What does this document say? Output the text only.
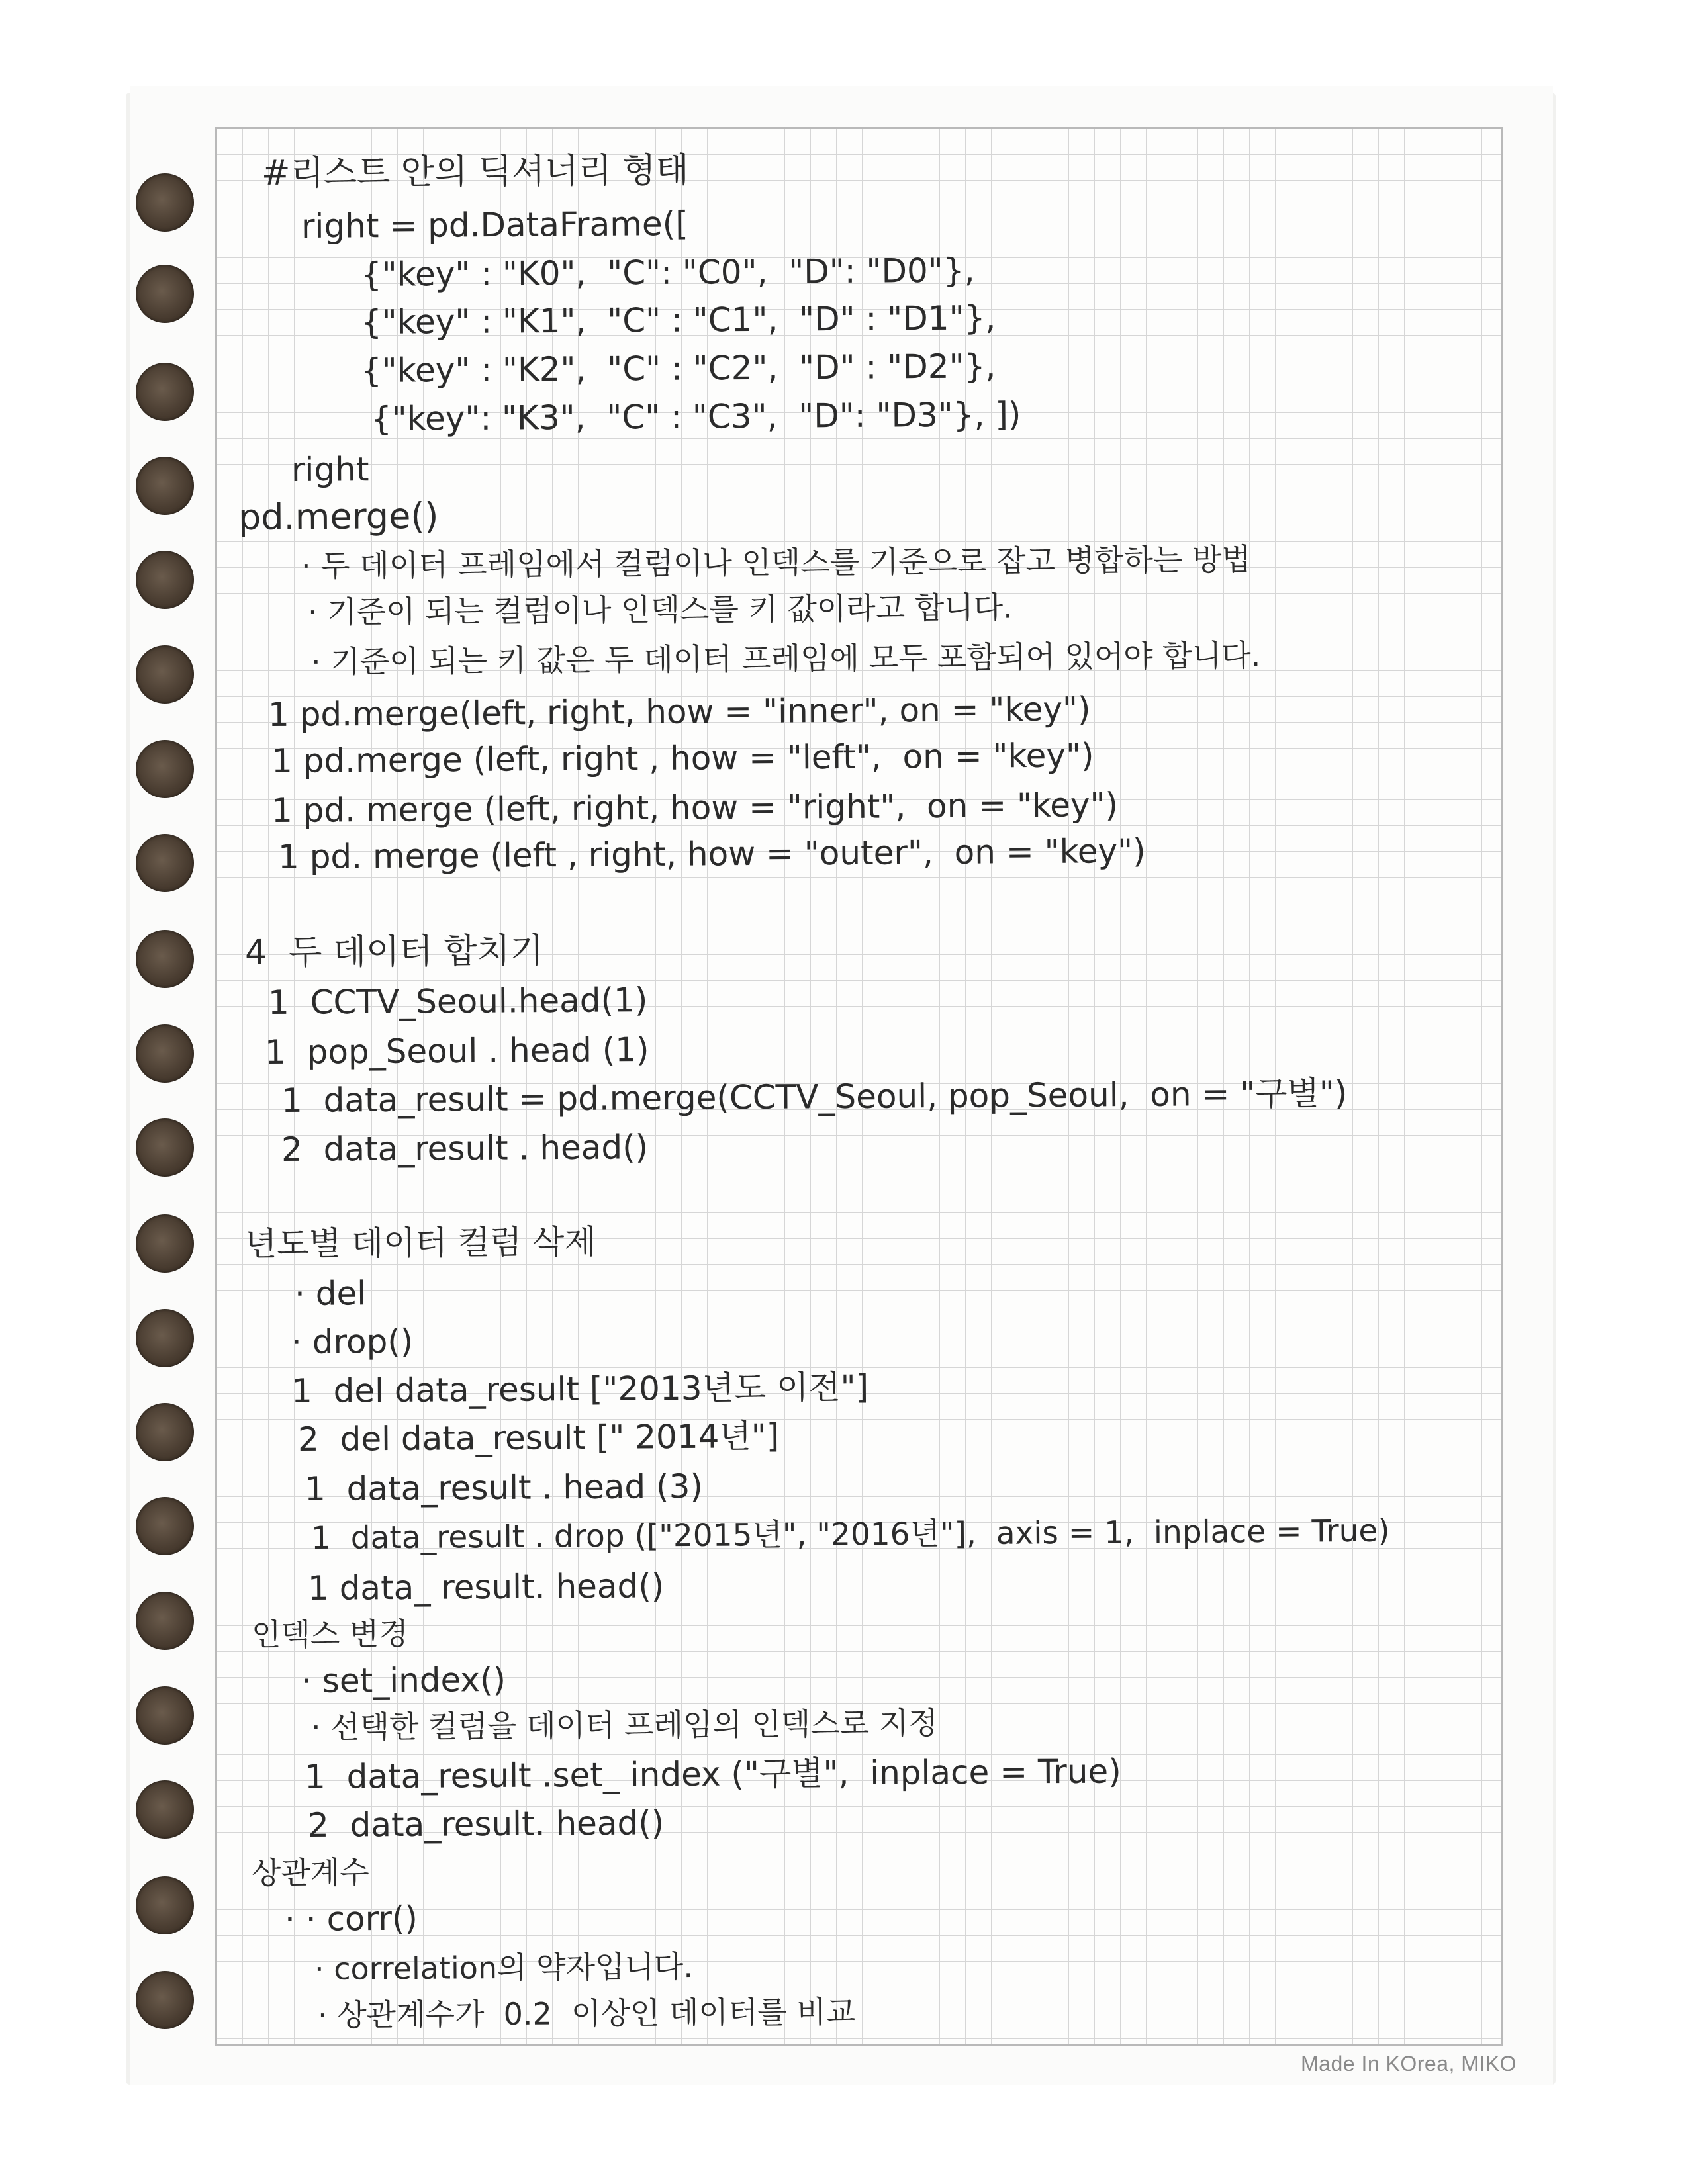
#리스트 안의 딕셔너리 형태
right = pd.DataFrame([
{"key" : "K0",  "C": "C0",  "D": "D0"},
{"key" : "K1",  "C" : "C1",  "D" : "D1"},
{"key" : "K2",  "C" : "C2",  "D" : "D2"},
{"key": "K3",  "C" : "C3",  "D": "D3"}, ])
right
pd.merge()
· 두 데이터 프레임에서 컬럼이나 인덱스를 기준으로 잡고 병합하는 방법
· 기준이 되는 컬럼이나 인덱스를 키 값이라고 합니다.
· 기준이 되는 키 값은 두 데이터 프레임에 모두 포함되어 있어야 합니다.
1 pd.merge(left, right, how = "inner", on = "key")
1 pd.merge (left, right , how = "left",  on = "key")
1 pd. merge (left, right, how = "right",  on = "key")
1 pd. merge (left , right, how = "outer",  on = "key")
4  두 데이터 합치기
1  CCTV_Seoul.head(1)
1  pop_Seoul . head (1)
1  data_result = pd.merge(CCTV_Seoul, pop_Seoul,  on = "구별")
2  data_result . head()
년도별 데이터 컬럼 삭제
· del
· drop()
1  del data_result ["2013년도 이전"]
2  del data_result [" 2014년"]
1  data_result . head (3)
1  data_result . drop (["2015년", "2016년"],  axis = 1,  inplace = True)
1 data_ result. head()
인덱스 변경
· set_index()
· 선택한 컬럼을 데이터 프레임의 인덱스로 지정
1  data_result .set_ index ("구별",  inplace = True)
2  data_result. head()
상관계수
· · corr()
· correlation의 약자입니다.
· 상관계수가  0.2  이상인 데이터를 비교
Made In KOrea, MIKO
